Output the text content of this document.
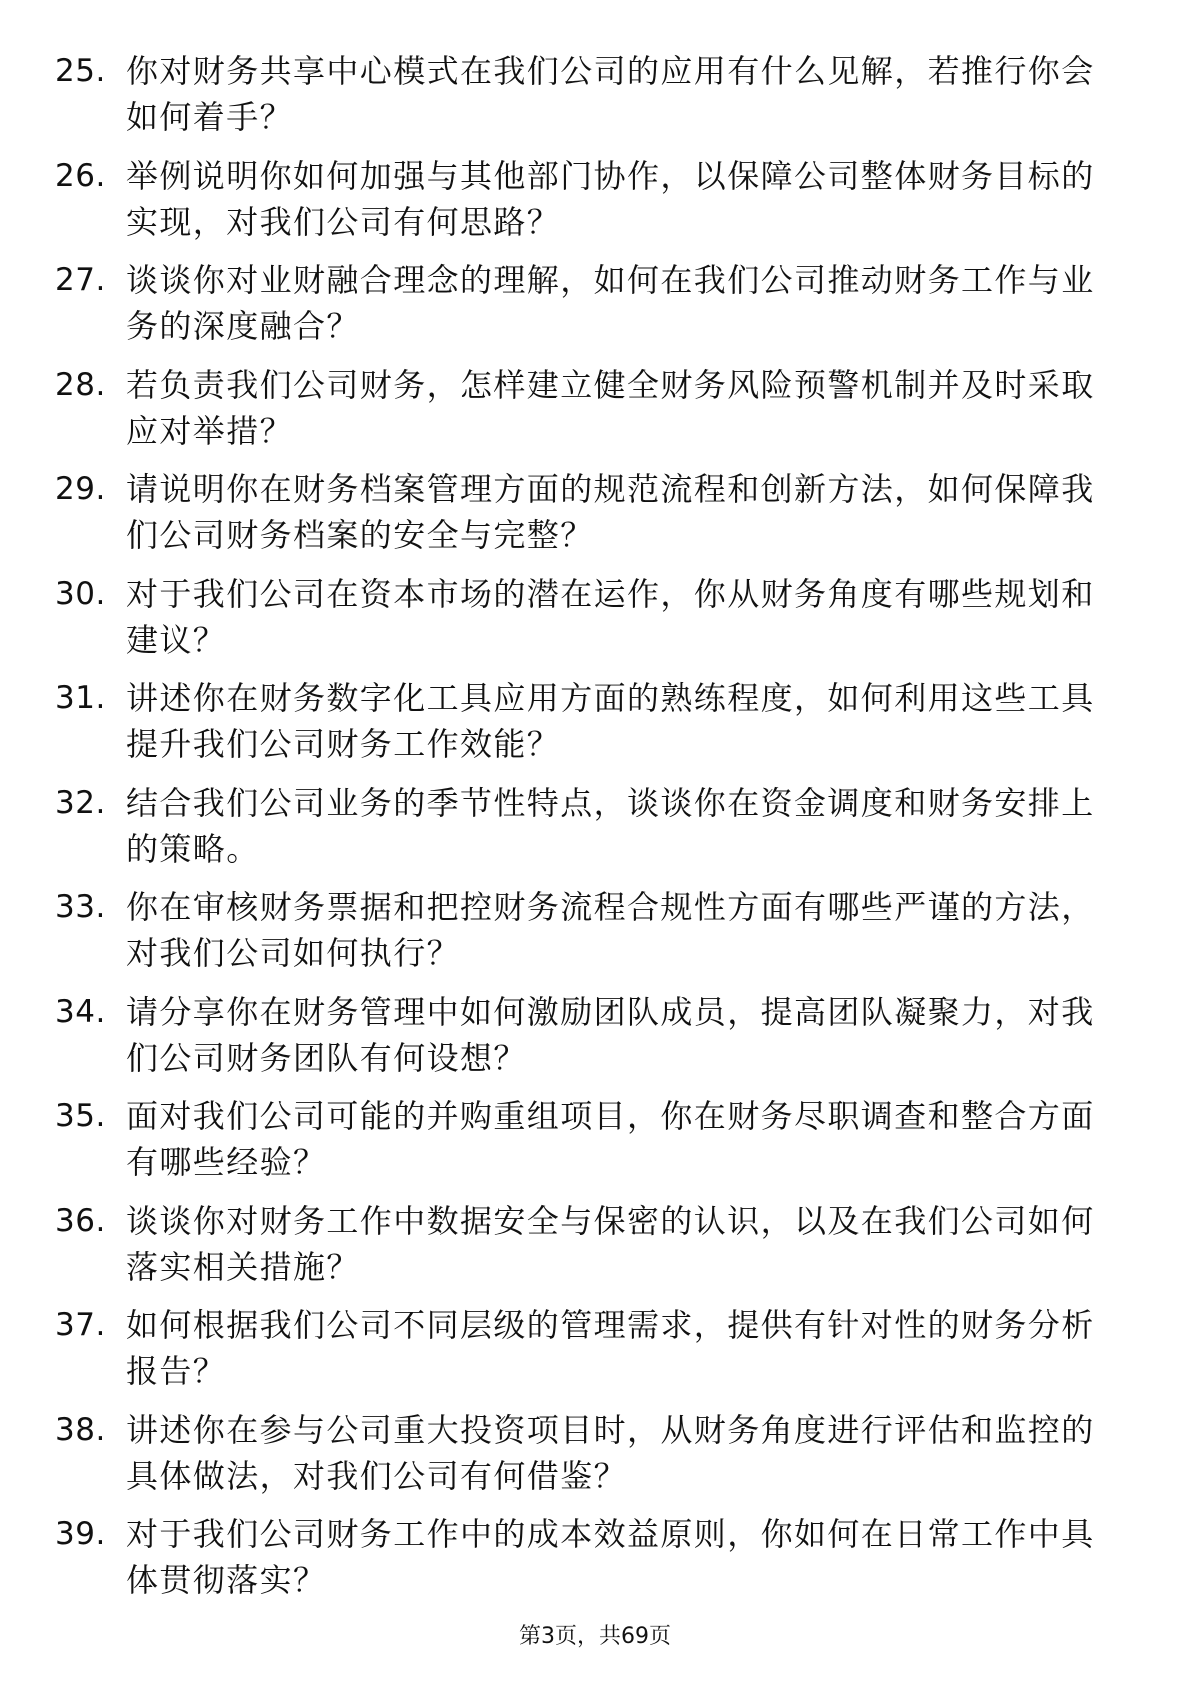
25. 你对财务共享中心模式在我们公司的应用有什么见解，若推行你会如何着手？
26. 举例说明你如何加强与其他部门协作，以保障公司整体财务目标的实现，对我们公司有何思路？
27. 谈谈你对业财融合理念的理解，如何在我们公司推动财务工作与业务的深度融合？
28. 若负责我们公司财务，怎样建立健全财务风险预警机制并及时采取应对举措？
29. 请说明你在财务档案管理方面的规范流程和创新方法，如何保障我们公司财务档案的安全与完整？
30. 对于我们公司在资本市场的潜在运作，你从财务角度有哪些规划和建议？
31. 讲述你在财务数字化工具应用方面的熟练程度，如何利用这些工具提升我们公司财务工作效能？
32. 结合我们公司业务的季节性特点，谈谈你在资金调度和财务安排上的策略。
33. 你在审核财务票据和把控财务流程合规性方面有哪些严谨的方法，对我们公司如何执行？
34. 请分享你在财务管理中如何激励团队成员，提高团队凝聚力，对我们公司财务团队有何设想？
35. 面对我们公司可能的并购重组项目，你在财务尽职调查和整合方面有哪些经验？
36. 谈谈你对财务工作中数据安全与保密的认识，以及在我们公司如何落实相关措施？
37. 如何根据我们公司不同层级的管理需求，提供有针对性的财务分析报告？
38. 讲述你在参与公司重大投资项目时，从财务角度进行评估和监控的具体做法，对我们公司有何借鉴？
39. 对于我们公司财务工作中的成本效益原则，你如何在日常工作中具体贯彻落实？
第3页，共69页
